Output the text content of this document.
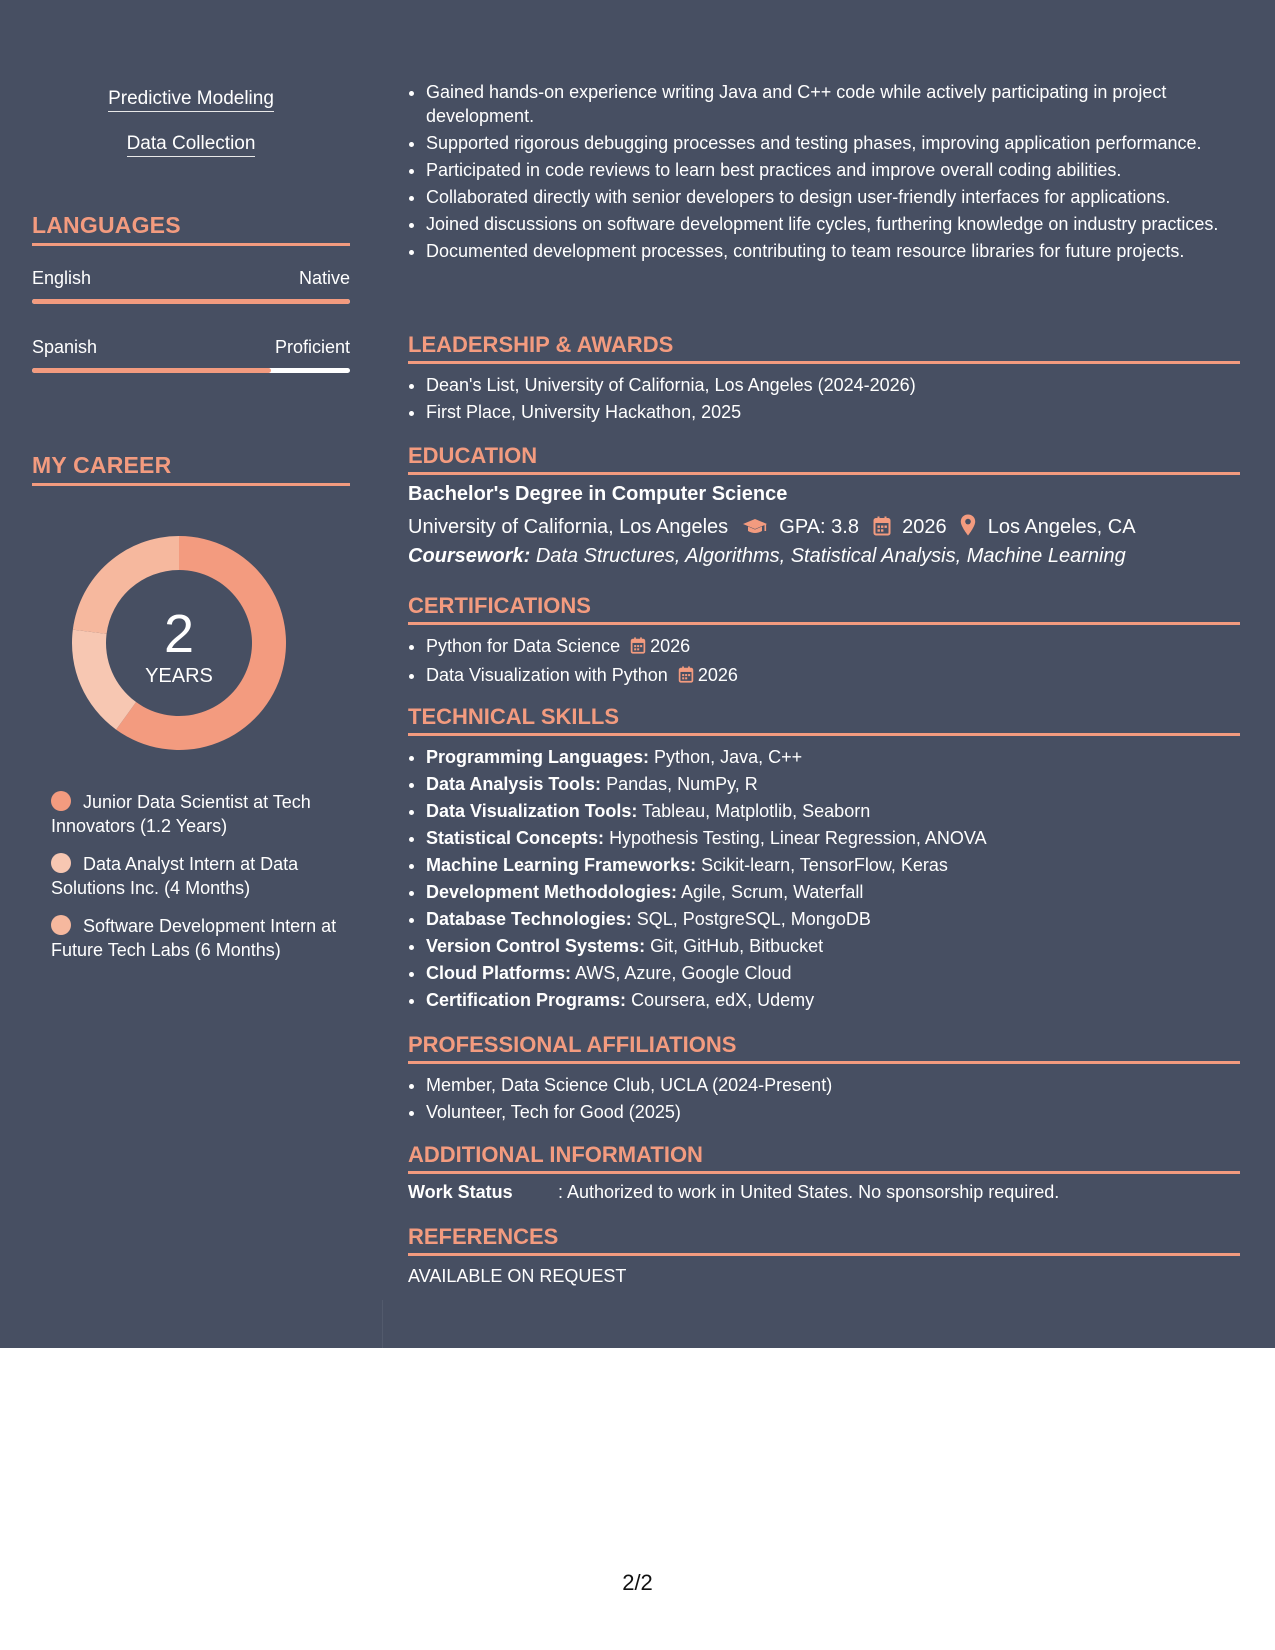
Predictive Modeling
Data Collection
LANGUAGES
English	Native
Spanish	Proficient
MY CAREER
2
YEARS
Junior Data Scientist at Tech Innovators (1.2 Years)
Data Analyst Intern at Data Solutions Inc. (4 Months)
Software Development Intern at Future Tech Labs (6 Months)
• Gained hands-on experience writing Java and C++ code while actively participating in project development.
• Supported rigorous debugging processes and testing phases, improving application performance.
• Participated in code reviews to learn best practices and improve overall coding abilities.
• Collaborated directly with senior developers to design user-friendly interfaces for applications.
• Joined discussions on software development life cycles, furthering knowledge on industry practices.
• Documented development processes, contributing to team resource libraries for future projects.
LEADERSHIP & AWARDS
• Dean's List, University of California, Los Angeles (2024-2026)
• First Place, University Hackathon, 2025
EDUCATION
Bachelor's Degree in Computer Science
University of California, Los Angeles	GPA: 3.8 2026 Los Angeles, CA
Coursework: Data Structures, Algorithms, Statistical Analysis, Machine Learning
CERTIFICATIONS
• Python for Data Science 2026
• Data Visualization with Python 2026
TECHNICAL SKILLS
• Programming Languages: Python, Java, C++
• Data Analysis Tools: Pandas, NumPy, R
• Data Visualization Tools: Tableau, Matplotlib, Seaborn
• Statistical Concepts: Hypothesis Testing, Linear Regression, ANOVA
• Machine Learning Frameworks: Scikit-learn, TensorFlow, Keras
• Development Methodologies: Agile, Scrum, Waterfall
• Database Technologies: SQL, PostgreSQL, MongoDB
• Version Control Systems: Git, GitHub, Bitbucket
• Cloud Platforms: AWS, Azure, Google Cloud
• Certification Programs: Coursera, edX, Udemy
PROFESSIONAL AFFILIATIONS
• Member, Data Science Club, UCLA (2024-Present)
• Volunteer, Tech for Good (2025)
ADDITIONAL INFORMATION
Work Status	: Authorized to work in United States. No sponsorship required.
REFERENCES
AVAILABLE ON REQUEST
2/2
